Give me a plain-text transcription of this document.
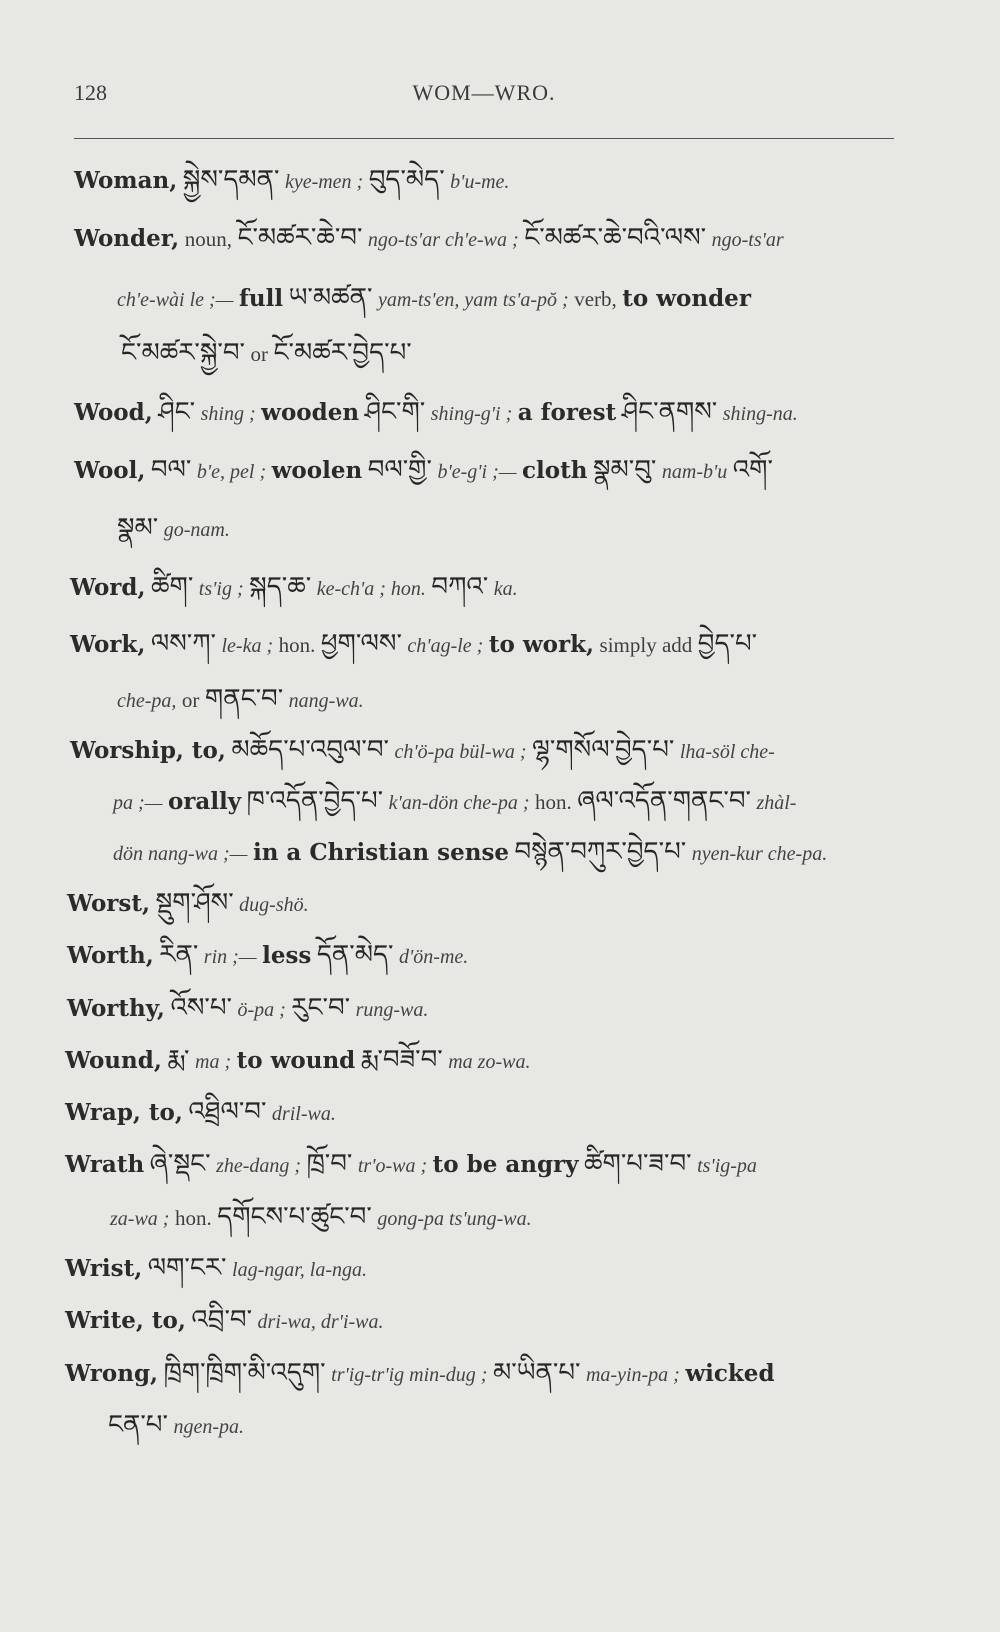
128	WOM—WRO.
Woman, སྐྱེས་དམན་ kye-men ; བུད་མེད་ b'u-me.
Wonder, noun, ངོ་མཚར་ཆེ་བ་ ngo-ts'ar ch'e-wa ; ངོ་མཚར་ཆེ་བའི་ལས་ ngo-ts'ar
ch'e-wài le ;— full ཡ་མཚན་ yam-ts'en, yam ts'a-pŏ ; verb, to wonder
ངོ་མཚར་སྐྱེ་བ་ or ངོ་མཚར་བྱེད་པ་
Wood, ཤིང་ shing ; wooden ཤིང་གི་ shing-g'i ; a forest ཤིང་ནགས་ shing-na.
Wool, བལ་ b'e, pel ; woolen བལ་གྱི་ b'e-g'i ;— cloth སྣམ་བུ་ nam-b'u འགོ་
སྣམ་ go-nam.
Word, ཚིག་ ts'ig ; སྐད་ཆ་ ke-ch'a ; hon. བཀའ་ ka.
Work, ལས་ཀ་ le-ka ; hon. ཕྱག་ལས་ ch'ag-le ; to work, simply add བྱེད་པ་
che-pa, or གནང་བ་ nang-wa.
Worship, to, མཆོད་པ་འབུལ་བ་ ch'ö-pa bül-wa ; ལྷ་གསོལ་བྱེད་པ་ lha-söl che-
pa ;— orally ཁ་འདོན་བྱེད་པ་ k'an-dön che-pa ; hon. ཞལ་འདོན་གནང་བ་ zhàl-
dön nang-wa ;— in a Christian sense བསྙེན་བཀུར་བྱེད་པ་ nyen-kur che-pa.
Worst, སྡུག་ཤོས་ dug-shö.
Worth, རིན་ rin ;— less དོན་མེད་ d'ön-me.
Worthy, འོས་པ་ ö-pa ; རུང་བ་ rung-wa.
Wound, རྨ་ ma ; to wound རྨ་བཟོ་བ་ ma zo-wa.
Wrap, to, འཐྲིལ་བ་ dril-wa.
Wrath ཞེ་སྡང་ zhe-dang ; ཁྲོ་བ་ tr'o-wa ; to be angry ཚིག་པ་ཟ་བ་ ts'ig-pa
za-wa ; hon. དགོངས་པ་ཚུང་བ་ gong-pa ts'ung-wa.
Wrist, ལག་ངར་ lag-ngar, la-nga.
Write, to, འབྲི་བ་ dri-wa, dr'i-wa.
Wrong, ཁྲིག་ཁྲིག་མི་འདུག་ tr'ig-tr'ig min-dug ; མ་ཡིན་པ་ ma-yin-pa ; wicked
ངན་པ་ ngen-pa.
